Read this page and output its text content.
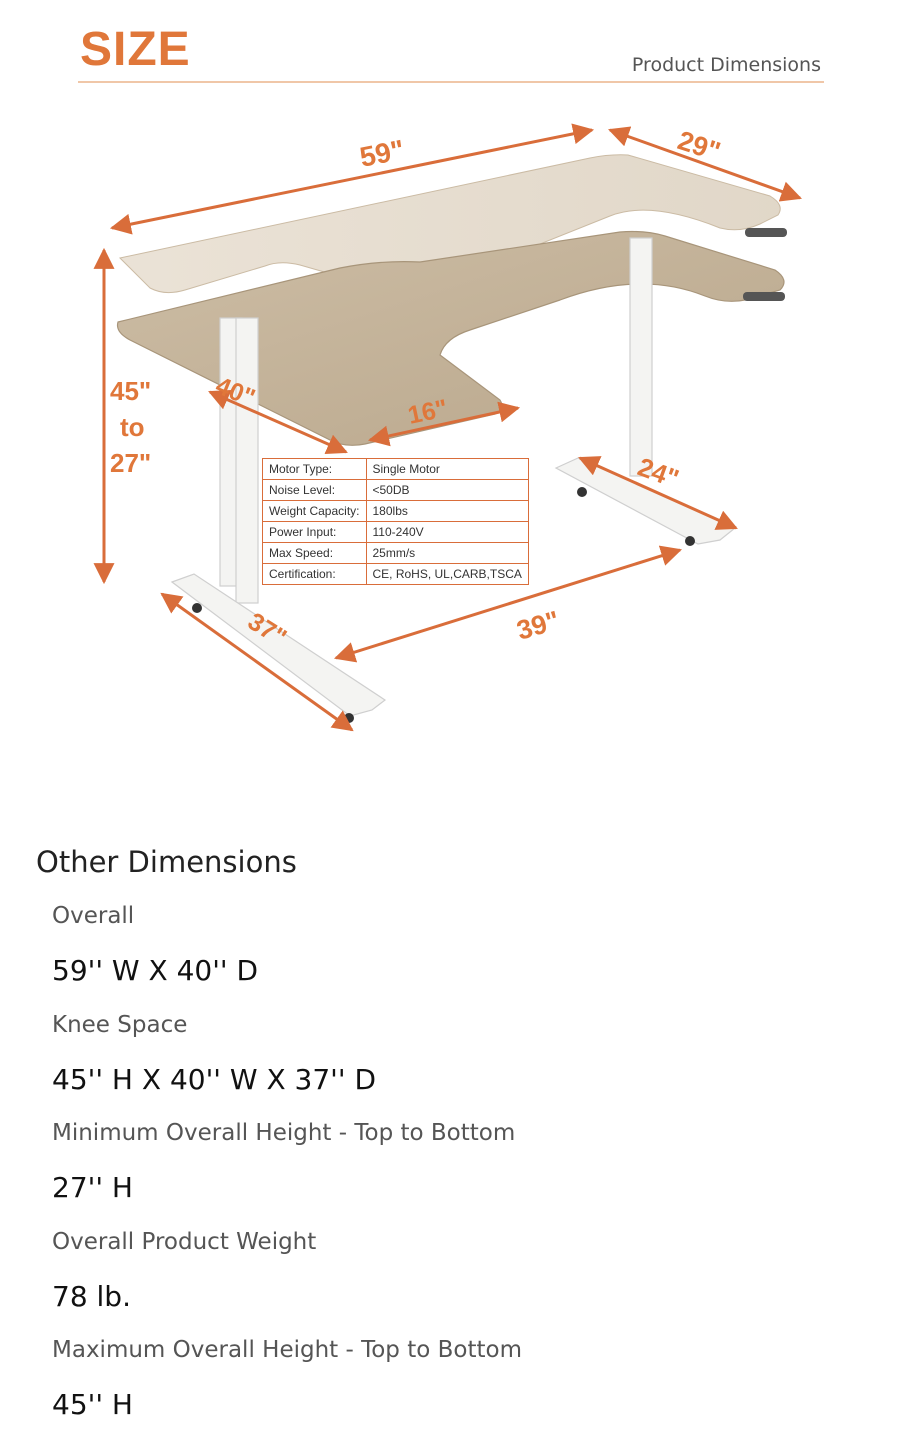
SIZE	Product Dimensions
59"	29"
45"
to
27"
40"	16"
24"
39"
37"
Motor Type:	Single Motor
Noise Level:	<50DB
Weight Capacity:	180lbs
Power Input:	110-240V
Max Speed:	25mm/s
Certification:	CE, RoHS, UL,CARB,TSCA
Other Dimensions
Overall
59'' W X 40'' D
Knee Space
45'' H X 40'' W X 37'' D
Minimum Overall Height - Top to Bottom
27'' H
Overall Product Weight
78 lb.
Maximum Overall Height - Top to Bottom
45'' H
